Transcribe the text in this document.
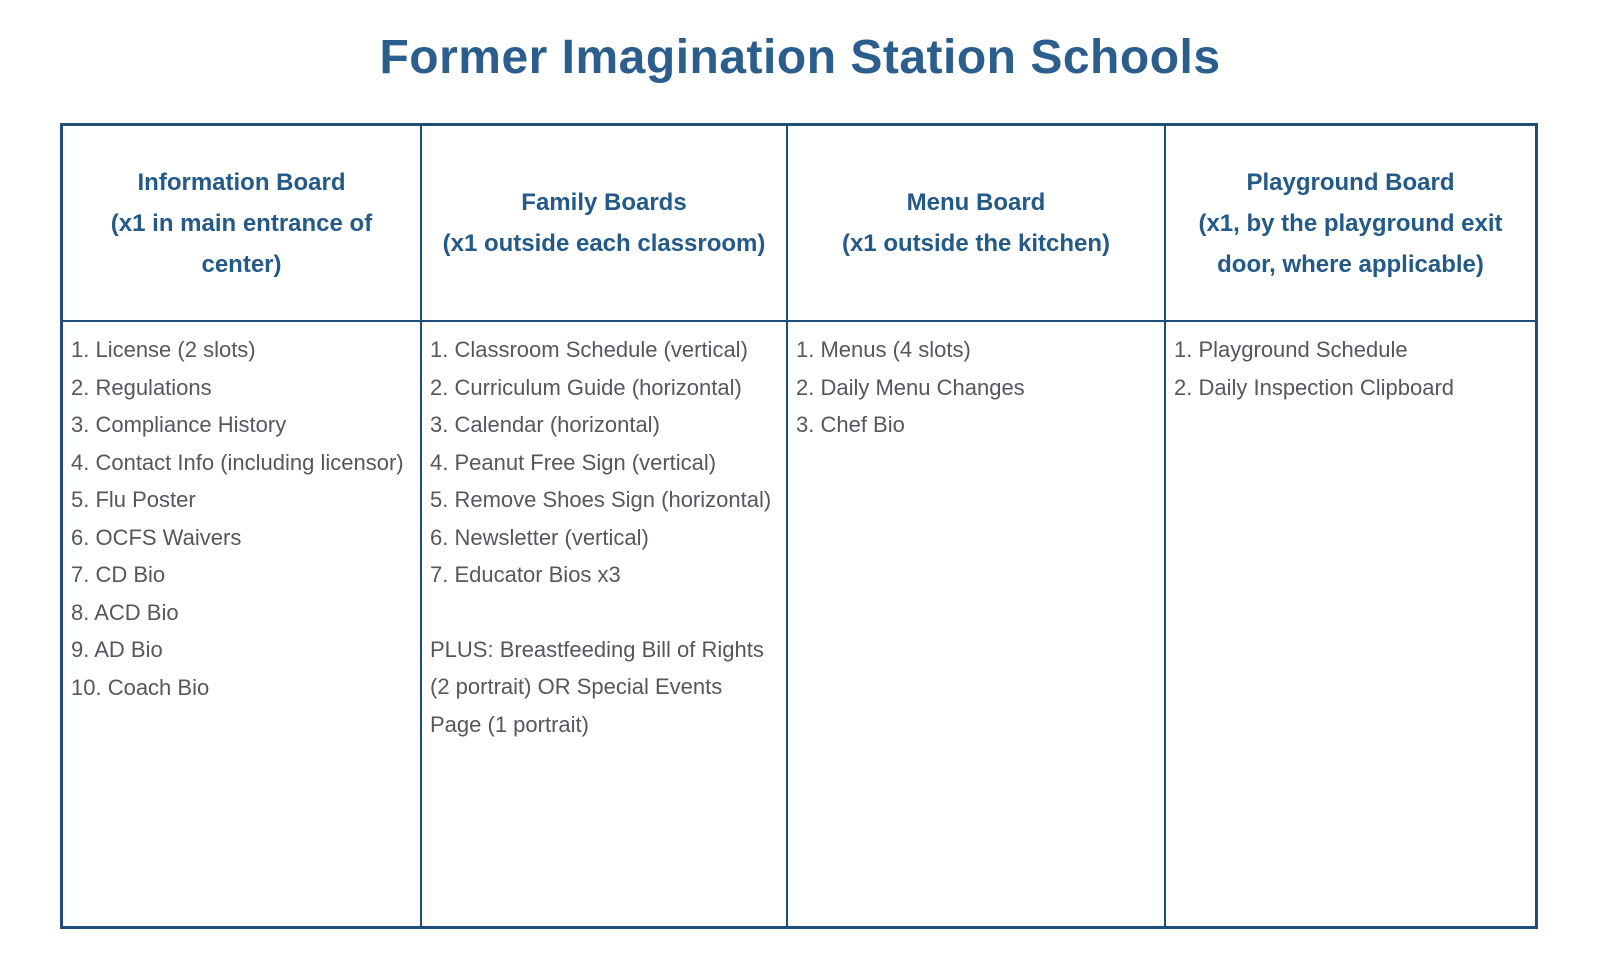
Former Imagination Station Schools
Information Board
(x1 in main entrance of center)
1. License (2 slots)
2. Regulations
3. Compliance History
4. Contact Info (including licensor)
5. Flu Poster
6. OCFS Waivers
7. CD Bio
8. ACD Bio
9. AD Bio
10. Coach Bio
Family Boards
(x1 outside each classroom)
1. Classroom Schedule (vertical)
2. Curriculum Guide (horizontal)
3. Calendar (horizontal)
4. Peanut Free Sign (vertical)
5. Remove Shoes Sign (horizontal)
6. Newsletter (vertical)
7. Educator Bios x3
PLUS: Breastfeeding Bill of Rights (2 portrait) OR Special Events Page (1 portrait)
Menu Board
(x1 outside the kitchen)
1. Menus (4 slots)
2. Daily Menu Changes
3. Chef Bio
Playground Board
(x1, by the playground exit door, where applicable)
1. Playground Schedule
2. Daily Inspection Clipboard
